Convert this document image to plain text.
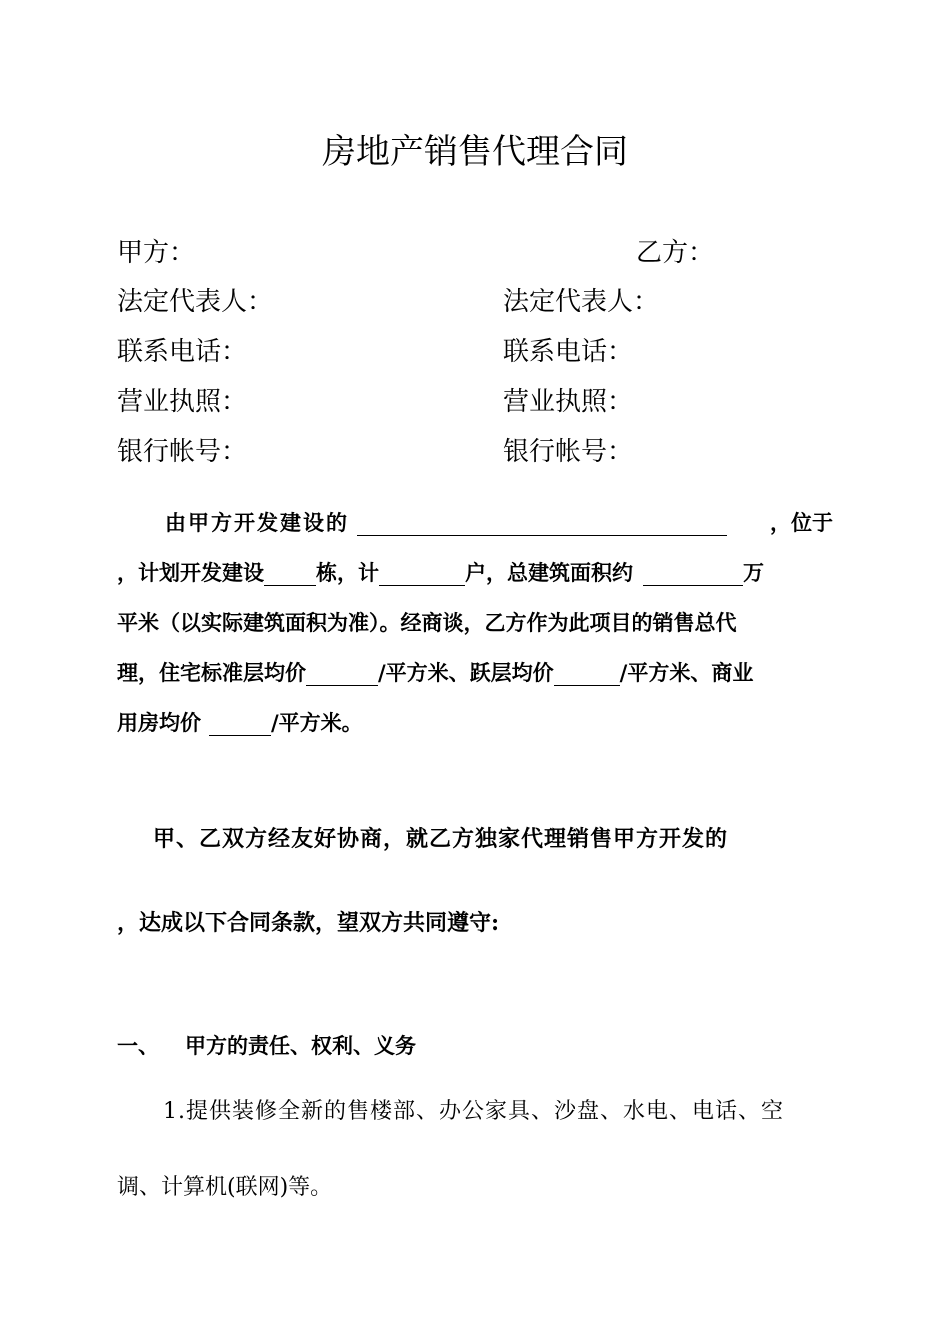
房地产销售代理合同
甲方：	乙方：
法定代表人：	法定代表人：
联系电话：	联系电话：
营业执照：	营业执照：
银行帐号：	银行帐号：
由甲方开发建设的	，位于
，计划开发建设 栋，计	户，总建筑面积约	万
平米（以实际建筑面积为准）。经商谈，乙方作为此项目的销售总代
理，住宅标准层均价	/平方米、跃层均价	/平方米、商业
用房均价	/平方米。
甲、乙双方经友好协商，就乙方独家代理销售甲方开发的
，达成以下合同条款，望双方共同遵守:
一、 甲方的责任、权利、义务
1.提供装修全新的售楼部、办公家具、沙盘、水电、电话、空
调、计算机(联网)等。
